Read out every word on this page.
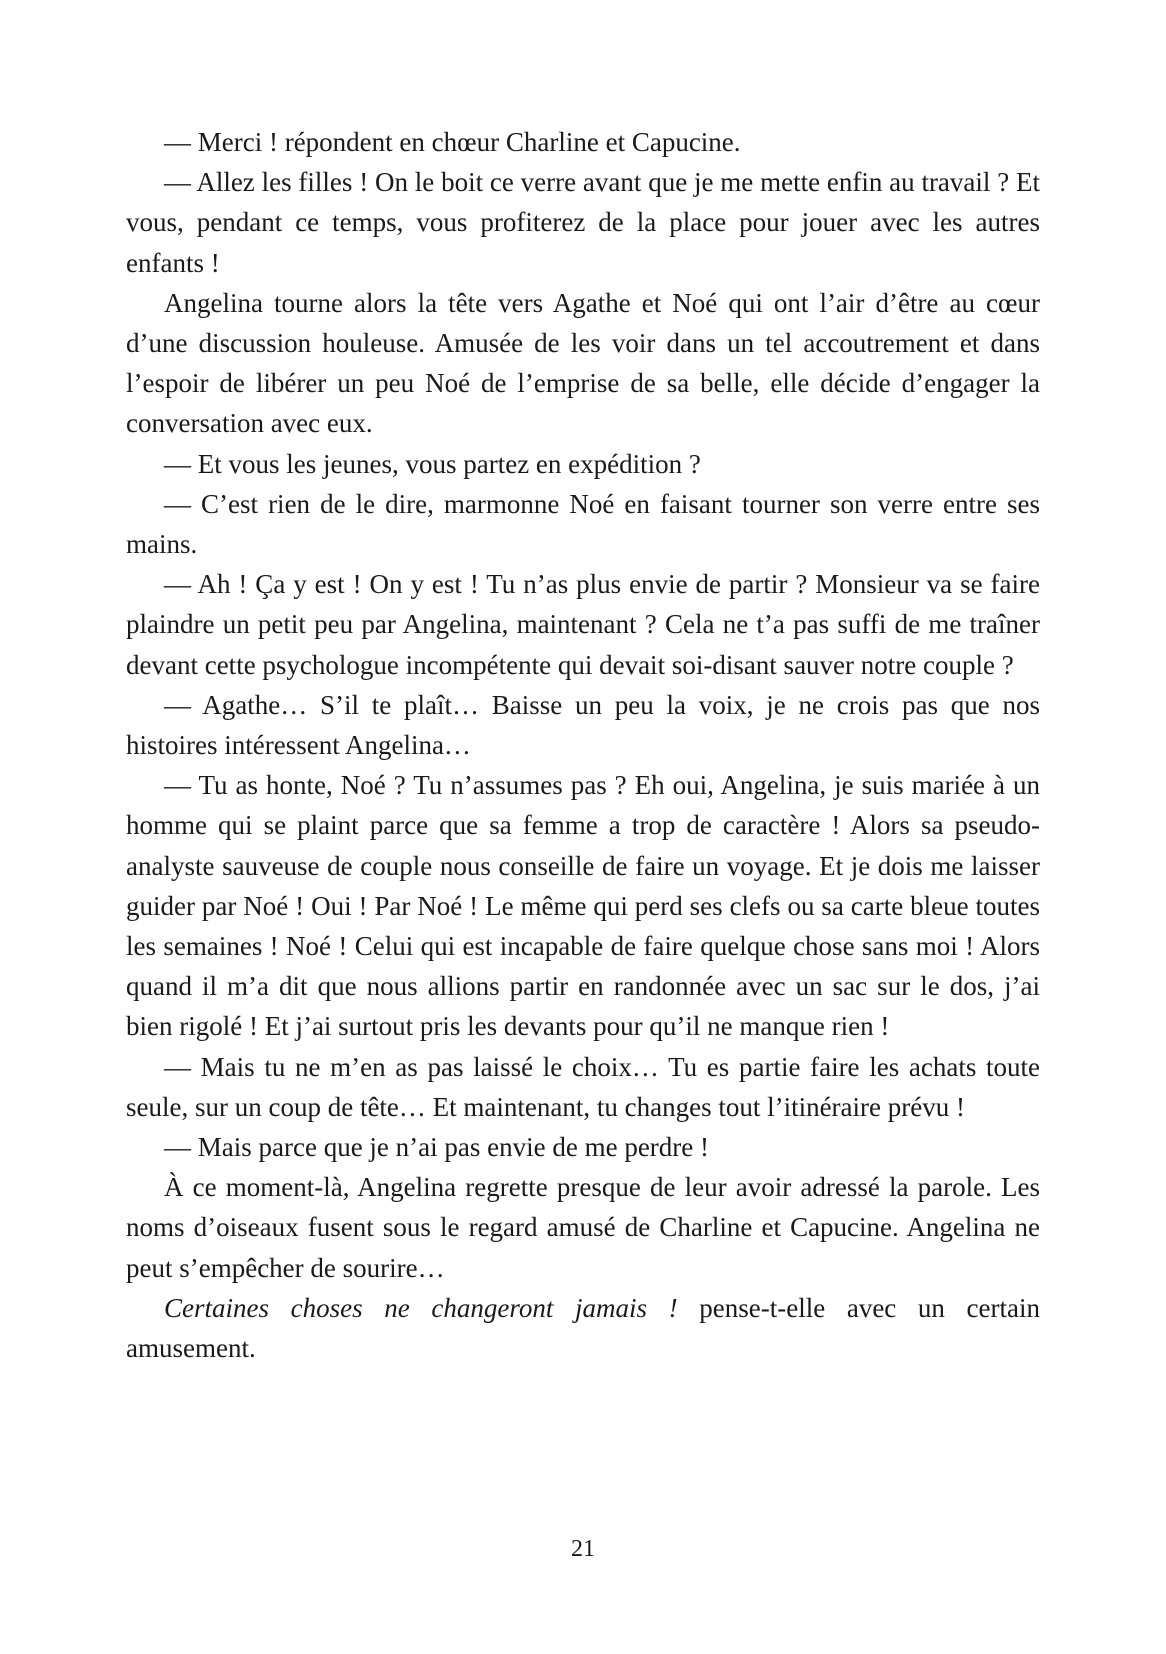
— Merci ! répondent en chœur Charline et Capucine.

— Allez les filles ! On le boit ce verre avant que je me mette enfin au travail ? Et vous, pendant ce temps, vous profiterez de la place pour jouer avec les autres enfants !

Angelina tourne alors la tête vers Agathe et Noé qui ont l’air d’être au cœur d’une discussion houleuse. Amusée de les voir dans un tel accoutrement et dans l’espoir de libérer un peu Noé de l’emprise de sa belle, elle décide d’engager la conversation avec eux.

— Et vous les jeunes, vous partez en expédition ?

— C’est rien de le dire, marmonne Noé en faisant tourner son verre entre ses mains.

— Ah ! Ça y est ! On y est ! Tu n’as plus envie de partir ? Monsieur va se faire plaindre un petit peu par Angelina, maintenant ? Cela ne t’a pas suffi de me traîner devant cette psychologue incompétente qui devait soi-disant sauver notre couple ?

— Agathe… S’il te plaît… Baisse un peu la voix, je ne crois pas que nos histoires intéressent Angelina…

— Tu as honte, Noé ? Tu n’assumes pas ? Eh oui, Angelina, je suis mariée à un homme qui se plaint parce que sa femme a trop de caractère ! Alors sa pseudo-analyste sauveuse de couple nous conseille de faire un voyage. Et je dois me laisser guider par Noé ! Oui ! Par Noé ! Le même qui perd ses clefs ou sa carte bleue toutes les semaines ! Noé ! Celui qui est incapable de faire quelque chose sans moi ! Alors quand il m’a dit que nous allions partir en randonnée avec un sac sur le dos, j’ai bien rigolé ! Et j’ai surtout pris les devants pour qu’il ne manque rien !

— Mais tu ne m’en as pas laissé le choix… Tu es partie faire les achats toute seule, sur un coup de tête… Et maintenant, tu changes tout l’itinéraire prévu !

— Mais parce que je n’ai pas envie de me perdre !

À ce moment-là, Angelina regrette presque de leur avoir adressé la parole. Les noms d’oiseaux fusent sous le regard amusé de Charline et Capucine. Angelina ne peut s’empêcher de sourire…

Certaines choses ne changeront jamais ! pense-t-elle avec un certain amusement.

21
